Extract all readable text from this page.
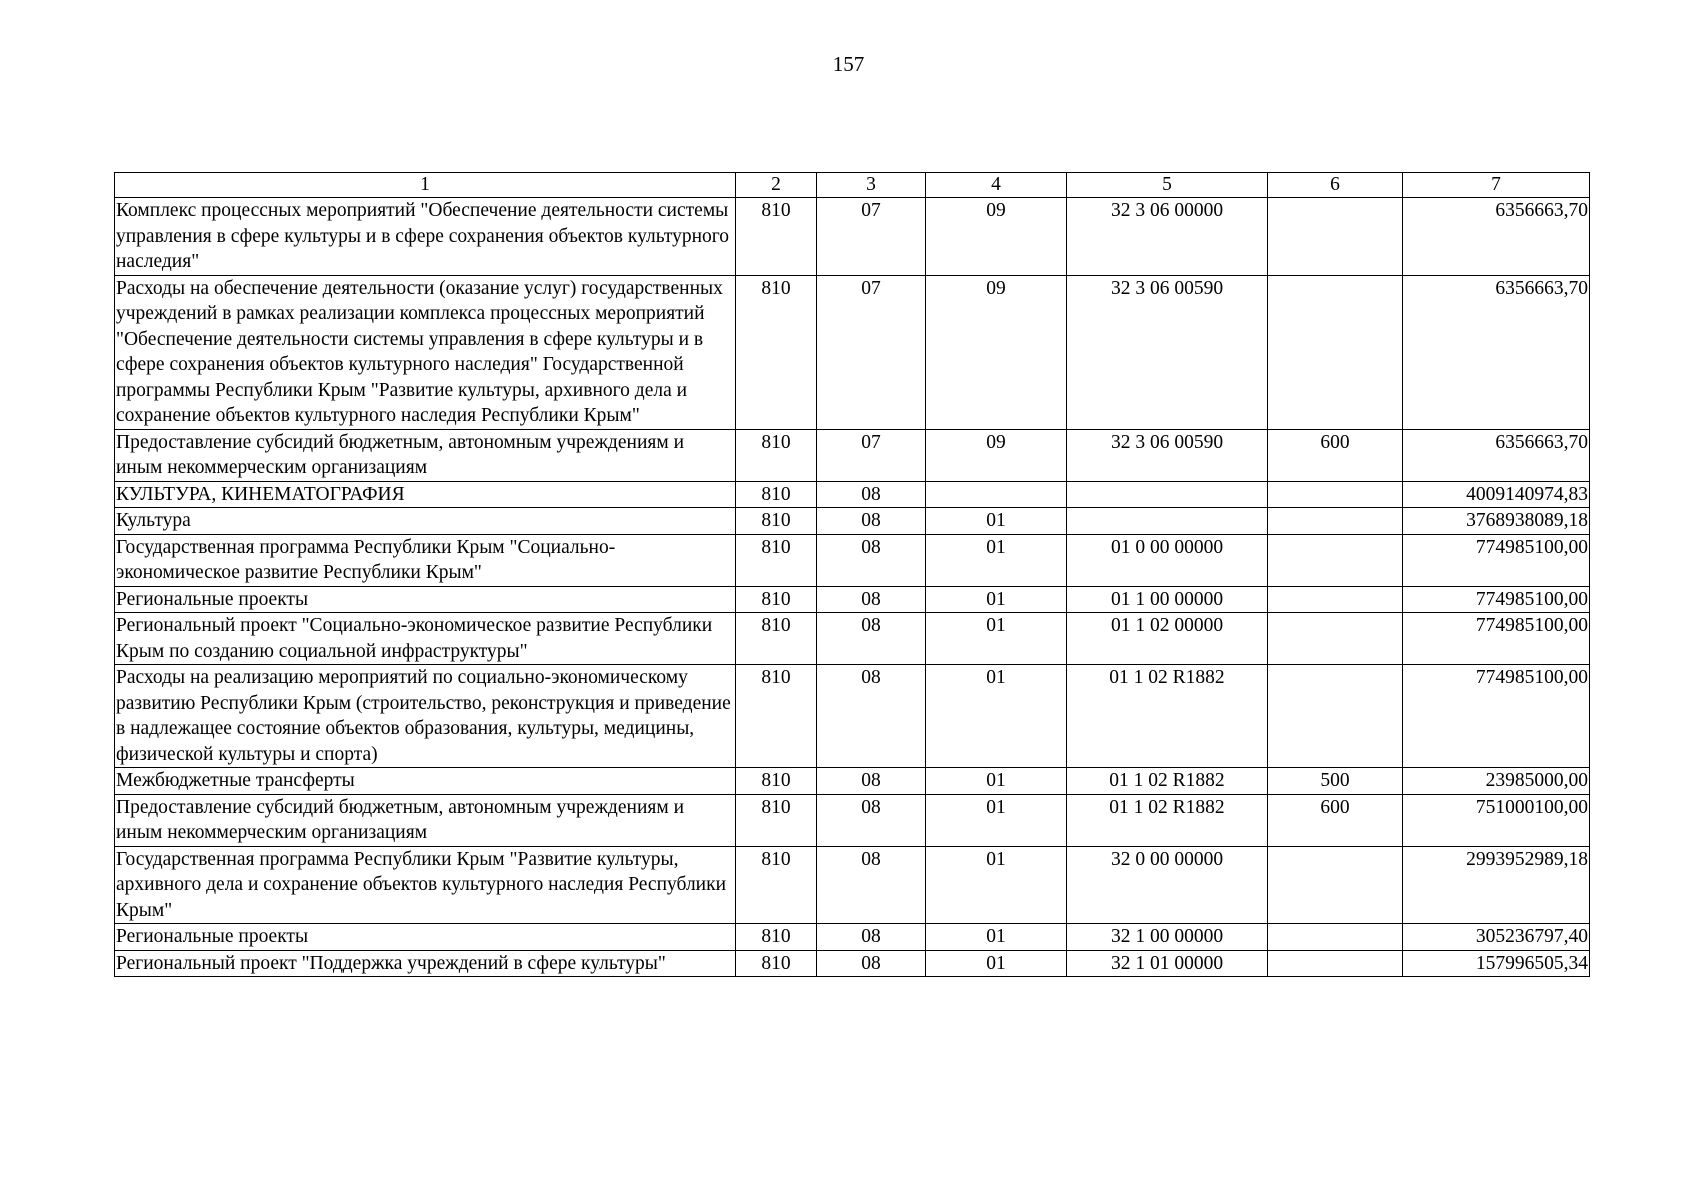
157
1	2	3	4	5	6	7
Комплекс процессных мероприятий "Обеспечение деятельности системы управления в сфере культуры и в сфере сохранения объектов культурного наследия"	810	07	09	32 3 06 00000		6356663,70
Расходы на обеспечение деятельности (оказание услуг) государственных учреждений в рамках реализации комплекса процессных мероприятий "Обеспечение деятельности системы управления в сфере культуры и в сфере сохранения объектов культурного наследия" Государственной программы Республики Крым "Развитие культуры, архивного дела и сохранение объектов культурного наследия Республики Крым"	810	07	09	32 3 06 00590		6356663,70
Предоставление субсидий бюджетным, автономным учреждениям и иным некоммерческим организациям	810	07	09	32 3 06 00590	600	6356663,70
КУЛЬТУРА, КИНЕМАТОГРАФИЯ	810	08				4009140974,83
Культура	810	08	01			3768938089,18
Государственная программа Республики Крым "Социально-экономическое развитие Республики Крым"	810	08	01	01 0 00 00000		774985100,00
Региональные проекты	810	08	01	01 1 00 00000		774985100,00
Региональный проект "Социально-экономическое развитие Республики Крым по созданию социальной инфраструктуры"	810	08	01	01 1 02 00000		774985100,00
Расходы на реализацию мероприятий по социально-экономическому развитию Республики Крым (строительство, реконструкция и приведение в надлежащее состояние объектов образования, культуры, медицины, физической культуры и спорта)	810	08	01	01 1 02 R1882		774985100,00
Межбюджетные трансферты	810	08	01	01 1 02 R1882	500	23985000,00
Предоставление субсидий бюджетным, автономным учреждениям и иным некоммерческим организациям	810	08	01	01 1 02 R1882	600	751000100,00
Государственная программа Республики Крым "Развитие культуры, архивного дела и сохранение объектов культурного наследия Республики Крым"	810	08	01	32 0 00 00000		2993952989,18
Региональные проекты	810	08	01	32 1 00 00000		305236797,40
Региональный проект "Поддержка учреждений в сфере культуры"	810	08	01	32 1 01 00000		157996505,34
